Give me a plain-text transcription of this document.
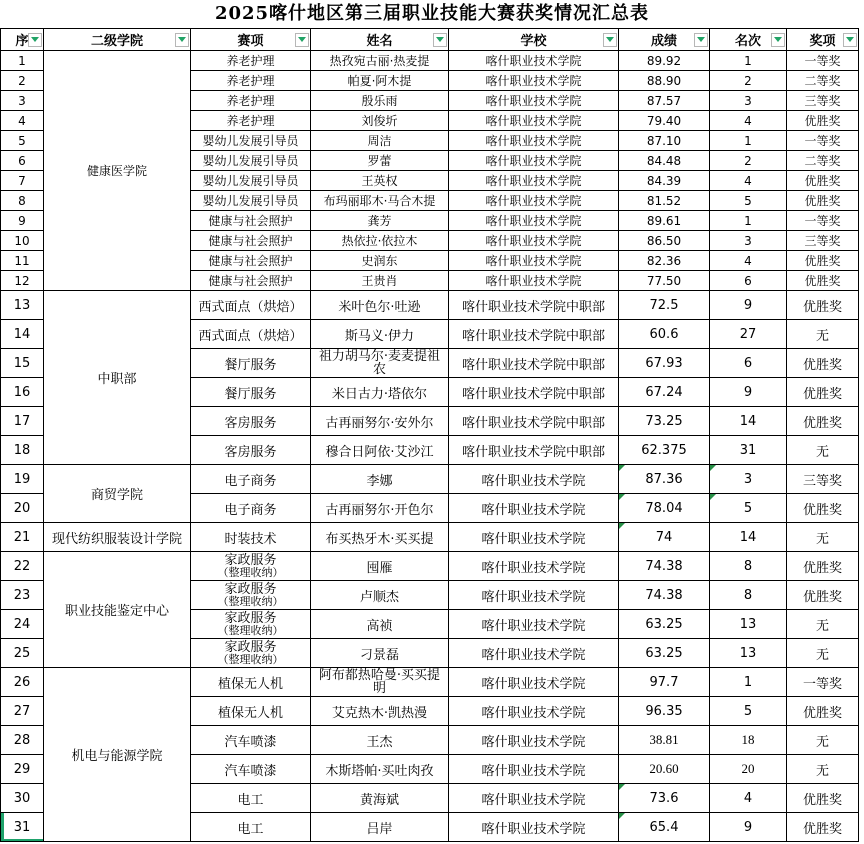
2025喀什地区第三届职业技能大赛获奖情况汇总表
序	二级学院	赛项	姓名	学校	成绩	名次	奖项

1	健康医学院	养老护理	热孜宛古丽·热麦提	喀什职业技术学院	89.92	1	一等奖
2		养老护理	帕夏·阿木提	喀什职业技术学院	88.90	2	二等奖
3		养老护理	殷乐雨	喀什职业技术学院	87.57	3	三等奖
4		养老护理	刘俊圻	喀什职业技术学院	79.40	4	优胜奖
5		婴幼儿发展引导员	周洁	喀什职业技术学院	87.10	1	一等奖
6		婴幼儿发展引导员	罗蕾	喀什职业技术学院	84.48	2	二等奖
7		婴幼儿发展引导员	王英权	喀什职业技术学院	84.39	4	优胜奖
8		婴幼儿发展引导员	布玛丽耶木·马合木提	喀什职业技术学院	81.52	5	优胜奖
9		健康与社会照护	龚芳	喀什职业技术学院	89.61	1	一等奖
10		健康与社会照护	热依拉·依拉木	喀什职业技术学院	86.50	3	三等奖
11		健康与社会照护	史润东	喀什职业技术学院	82.36	4	优胜奖
12		健康与社会照护	王贵肖	喀什职业技术学院	77.50	6	优胜奖
13	中职部	西式面点（烘焙）	米叶色尔·吐逊	喀什职业技术学院中职部	72.5	9	优胜奖
14		西式面点（烘焙）	斯马义·伊力	喀什职业技术学院中职部	60.6	27	无
15		餐厅服务	祖力胡马尔·麦麦提祖农	喀什职业技术学院中职部	67.93	6	优胜奖
16		餐厅服务	米日古力·塔依尔	喀什职业技术学院中职部	67.24	9	优胜奖
17		客房服务	古再丽努尔·安外尔	喀什职业技术学院中职部	73.25	14	优胜奖
18		客房服务	穆合日阿依·艾沙江	喀什职业技术学院中职部	62.375	31	无
19	商贸学院	电子商务	李娜	喀什职业技术学院	87.36	3	三等奖
20		电子商务	古再丽努尔·开色尔	喀什职业技术学院	78.04	5	优胜奖
21	现代纺织服装设计学院	时装技术	布买热牙木·买买提	喀什职业技术学院	74	14	无
22	职业技能鉴定中心	家政服务
（整理收纳）	囤雁	喀什职业技术学院	74.38	8	优胜奖
23		家政服务
（整理收纳）	卢顺杰	喀什职业技术学院	74.38	8	优胜奖
24		家政服务
（整理收纳）	高祯	喀什职业技术学院	63.25	13	无
25		家政服务
（整理收纳）	刁景磊	喀什职业技术学院	63.25	13	无
26	机电与能源学院	植保无人机	阿布都热哈曼·买买提明	喀什职业技术学院	97.7	1	一等奖
27		植保无人机	艾克热木·凯热漫	喀什职业技术学院	96.35	5	优胜奖
28		汽车喷漆	王杰	喀什职业技术学院	38.81	18	无
29		汽车喷漆	木斯塔帕·买吐肉孜	喀什职业技术学院	20.60	20	无
30		电工	黄海斌	喀什职业技术学院	73.6	4	优胜奖
31		电工	吕岸	喀什职业技术学院	65.4	9	优胜奖
